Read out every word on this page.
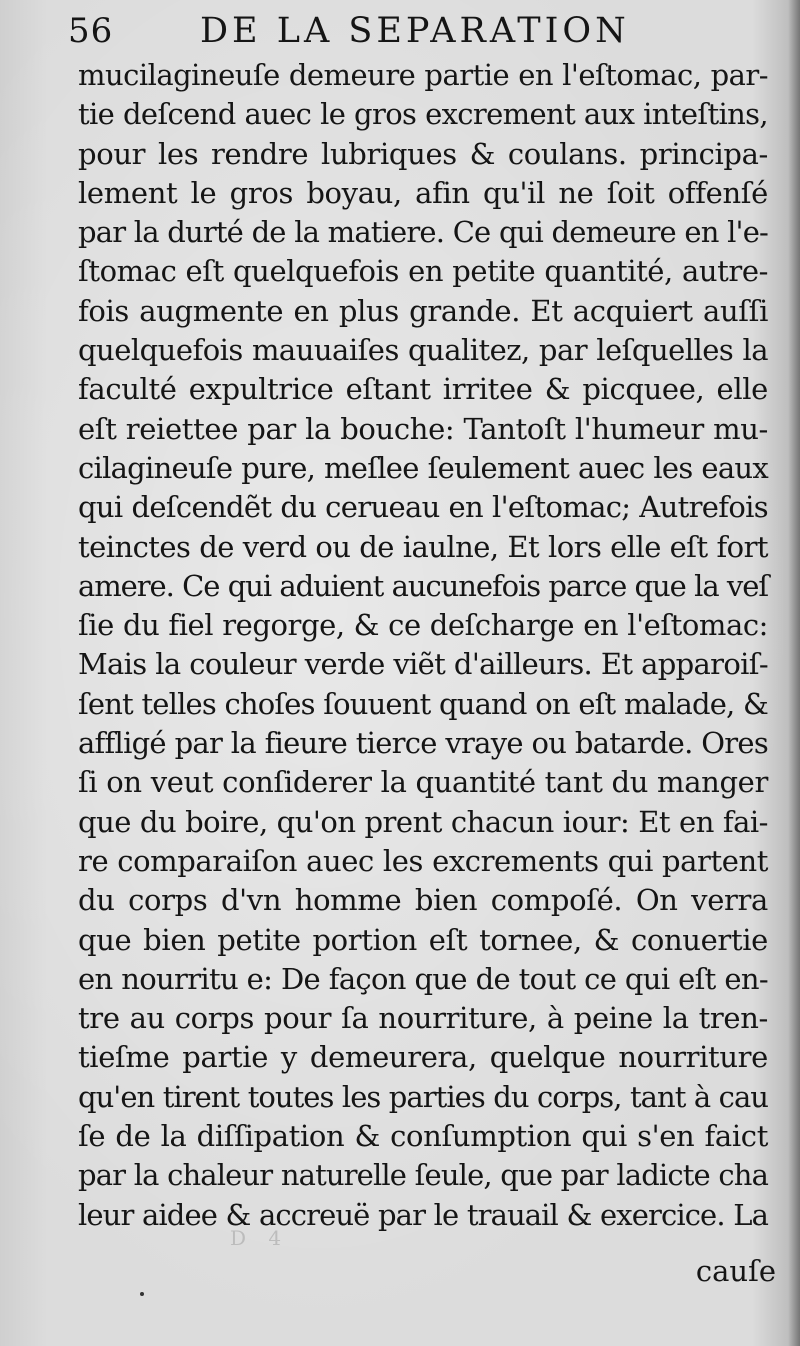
56 DE LA SEPARATION
mucilagineuſe demeure partie en l'eſtomac, par-
tie deſcend auec le gros excrement aux inteſtins,
pour les rendre lubriques & coulans. principa-
lement le gros boyau, afin qu'il ne ſoit offenſé
par la durté de la matiere. Ce qui demeure en l'e-
ſtomac eſt quelquefois en petite quantité, autre-
fois augmente en plus grande. Et acquiert auſſi
quelquefois mauuaiſes qualitez, par leſquelles la
faculté expultrice eſtant irritee & picquee, elle
eſt reiettee par la bouche: Tantoſt l'humeur mu-
cilagineuſe pure, meſlee ſeulement auec les eaux
qui deſcendẽt du cerueau en l'eſtomac; Autrefois
teinctes de verd ou de iaulne, Et lors elle eſt fort
amere. Ce qui aduient aucunefois parce que la veſ
ſie du fiel regorge, & ce deſcharge en l'eſtomac:
Mais la couleur verde viẽt d'ailleurs. Et apparoiſ-
ſent telles choſes ſouuent quand on eſt malade, &
affligé par la fieure tierce vraye ou batarde. Ores
ſi on veut conſiderer la quantité tant du manger
que du boire, qu'on prent chacun iour: Et en fai-
re comparaiſon auec les excrements qui partent
du corps d'vn homme bien compoſé. On verra
que bien petite portion eſt tornee, & conuertie
en nourritu e: De façon que de tout ce qui eſt en-
tre au corps pour ſa nourriture, à peine la tren-
tieſme partie y demeurera, quelque nourriture
qu'en tirent toutes les parties du corps, tant à cau
ſe de la diſſipation & conſumption qui s'en faict
par la chaleur naturelle ſeule, que par ladicte cha
leur aidee & accreuë par le trauail & exercice. La
D 4
cauſe
